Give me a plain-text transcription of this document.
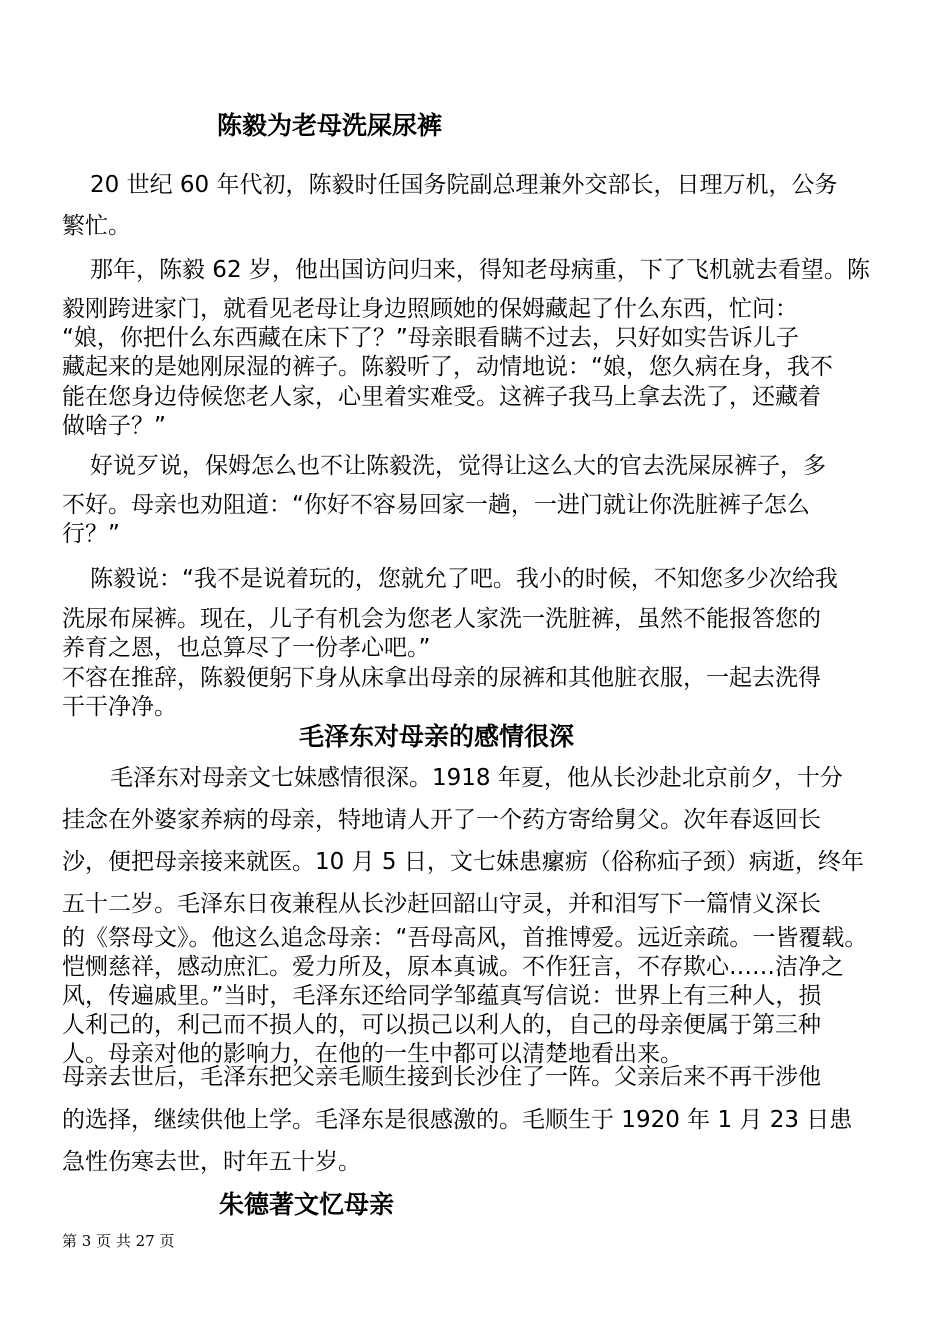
陈毅为老母洗屎尿裤
20 世纪 60 年代初，陈毅时任国务院副总理兼外交部长，日理万机，公务
繁忙。
那年，陈毅 62 岁，他出国访问归来，得知老母病重，下了飞机就去看望。陈
毅刚跨进家门，就看见老母让身边照顾她的保姆藏起了什么东西，忙问：
“娘，你把什么东西藏在床下了？”母亲眼看瞒不过去，只好如实告诉儿子
藏起来的是她刚尿湿的裤子。陈毅听了，动情地说：“娘，您久病在身，我不
能在您身边侍候您老人家，心里着实难受。这裤子我马上拿去洗了，还藏着
做啥子？”
好说歹说，保姆怎么也不让陈毅洗，觉得让这么大的官去洗屎尿裤子，多
不好。母亲也劝阻道：“你好不容易回家一趟，一进门就让你洗脏裤子怎么
行？”
陈毅说：“我不是说着玩的，您就允了吧。我小的时候，不知您多少次给我
洗尿布屎裤。现在，儿子有机会为您老人家洗一洗脏裤，虽然不能报答您的
养育之恩，也总算尽了一份孝心吧。”
不容在推辞，陈毅便躬下身从床拿出母亲的尿裤和其他脏衣服，一起去洗得
干干净净。
毛泽东对母亲的感情很深
毛泽东对母亲文七妹感情很深。1918 年夏，他从长沙赴北京前夕，十分
挂念在外婆家养病的母亲，特地请人开了一个药方寄给舅父。次年春返回长
沙，便把母亲接来就医。10 月 5 日，文七妹患瘰疬（俗称疝子颈）病逝，终年
五十二岁。毛泽东日夜兼程从长沙赶回韶山守灵，并和泪写下一篇情义深长
的《祭母文》。他这么追念母亲：“吾母高风，首推博爱。远近亲疏。一皆覆载。
恺恻慈祥，感动庶汇。爱力所及，原本真诚。不作狂言，不存欺心……洁净之
风，传遍戚里。”当时，毛泽东还给同学邹蕴真写信说：世界上有三种人，损
人利己的，利己而不损人的，可以损己以利人的，自己的母亲便属于第三种
人。母亲对他的影响力，在他的一生中都可以清楚地看出来。
母亲去世后，毛泽东把父亲毛顺生接到长沙住了一阵。父亲后来不再干涉他
的选择，继续供他上学。毛泽东是很感激的。毛顺生于 1920 年 1 月 23 日患
急性伤寒去世，时年五十岁。
朱德著文忆母亲
第 3 页 共 27 页
